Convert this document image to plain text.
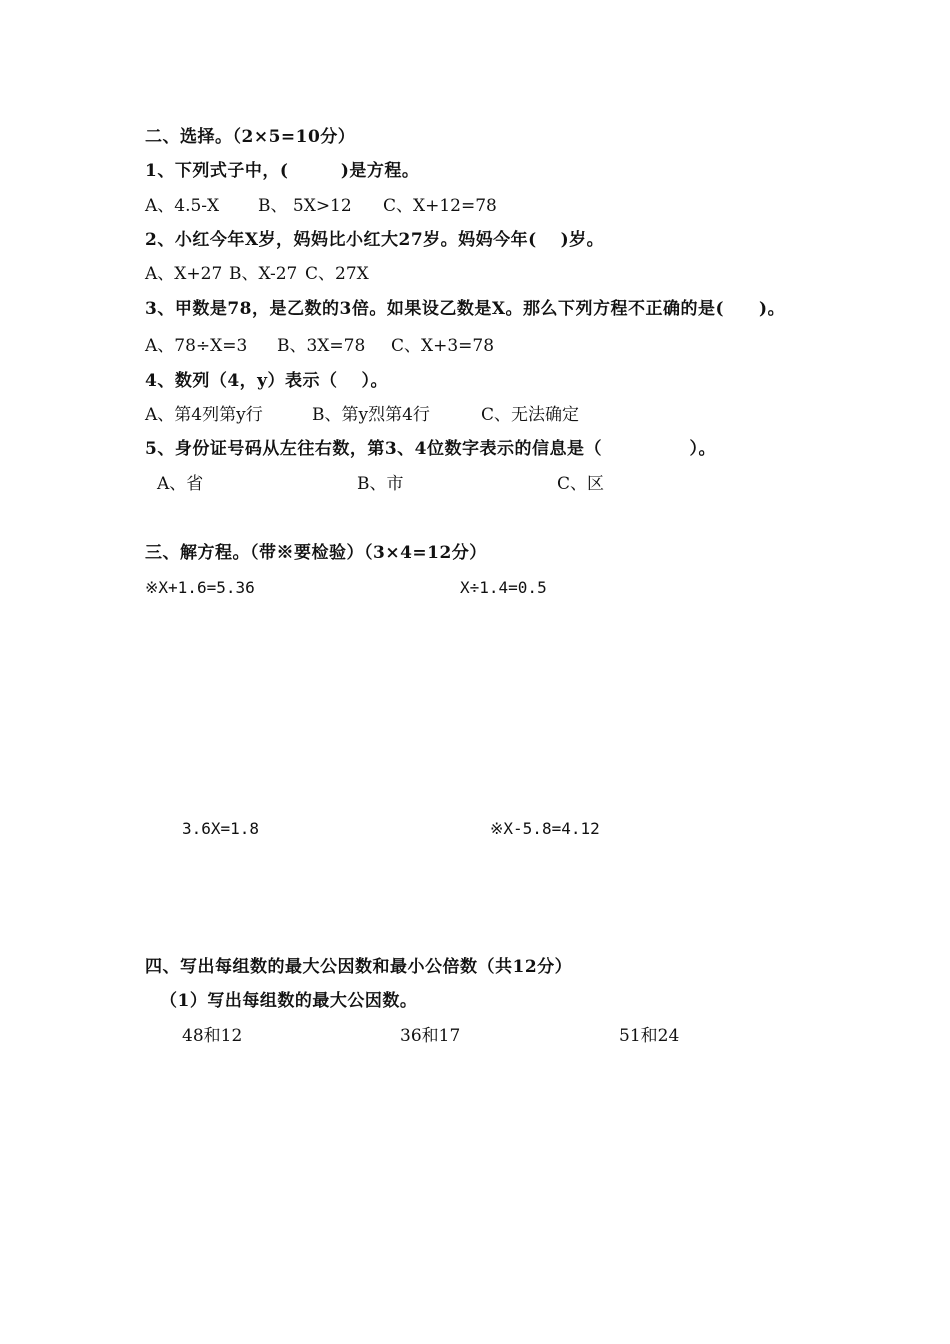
二、选择。（2×5=10分）
1、下列式子中，(　　　)是方程。
A、4.5-X B、 5X>12 C、X+12=78
2、小红今年X岁，妈妈比小红大27岁。妈妈今年(　 )岁。
A、X+27 B、X-27 C、27X
3、甲数是78，是乙数的3倍。如果设乙数是X。那么下列方程不正确的是(　　)。
A、78÷X=3 B、3X=78 C、X+3=78
4、数列（4，y）表示（　 ）。
A、第4列第y行	B、第y烈第4行	C、无法确定
5、身份证号码从左往右数，第3、4位数字表示的信息是（　　　　　）。
A、省	B、市	C、区
三、解方程。（带※要检验）（3×4=12分）
※X+1.6=5.36	X÷1.4=0.5
3.6X=1.8	※X-5.8=4.12
四、写出每组数的最大公因数和最小公倍数（共12分）
（1）写出每组数的最大公因数。
48和12	36和17	51和24
